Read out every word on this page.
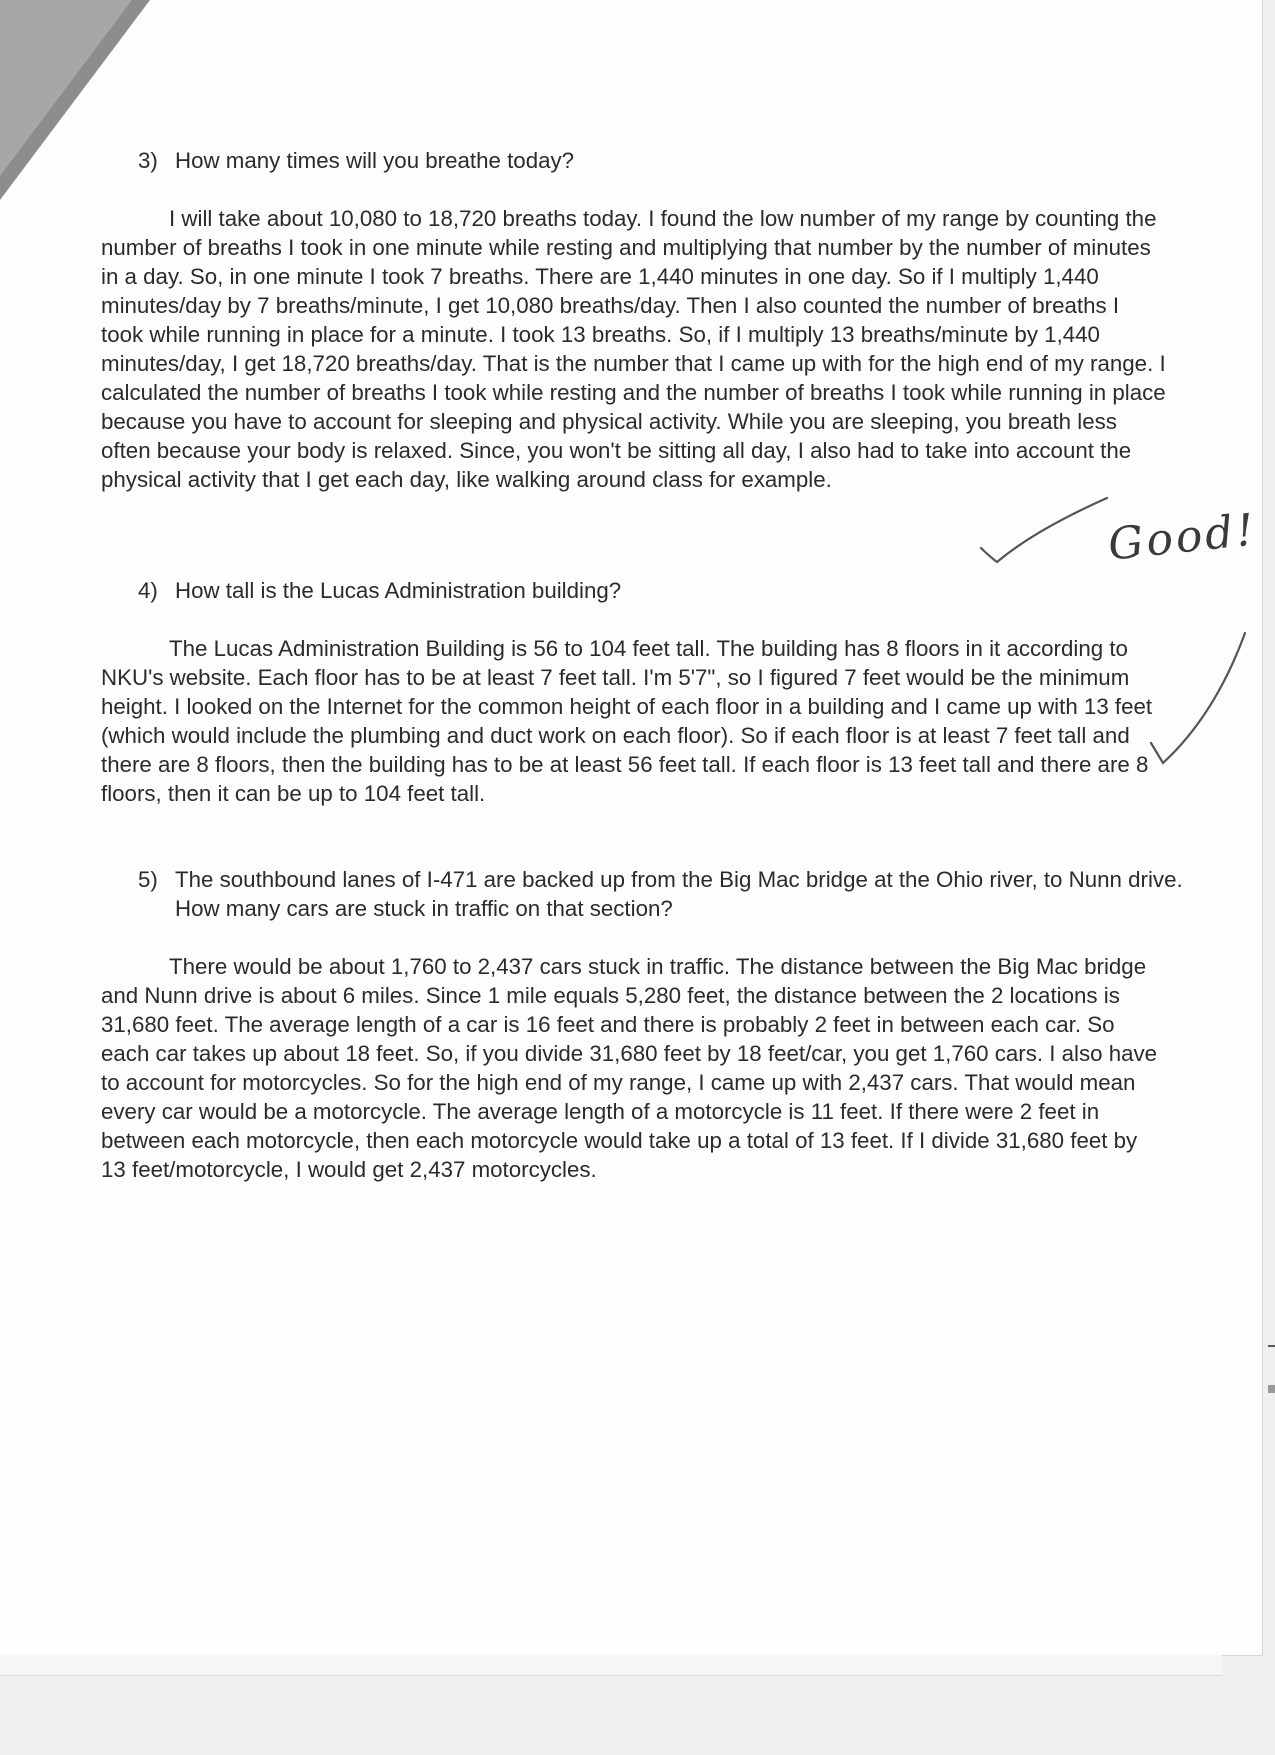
3) How many times will you breathe today?

I will take about 10,080 to 18,720 breaths today. I found the low number of my range by counting the number of breaths I took in one minute while resting and multiplying that number by the number of minutes in a day. So, in one minute I took 7 breaths. There are 1,440 minutes in one day. So if I multiply 1,440 minutes/day by 7 breaths/minute, I get 10,080 breaths/day. Then I also counted the number of breaths I took while running in place for a minute. I took 13 breaths. So, if I multiply 13 breaths/minute by 1,440 minutes/day, I get 18,720 breaths/day. That is the number that I came up with for the high end of my range. I calculated the number of breaths I took while resting and the number of breaths I took while running in place because you have to account for sleeping and physical activity. While you are sleeping, you breath less often because your body is relaxed. Since, you won't be sitting all day, I also had to take into account the physical activity that I get each day, like walking around class for example.

4) How tall is the Lucas Administration building?

The Lucas Administration Building is 56 to 104 feet tall. The building has 8 floors in it according to NKU's website. Each floor has to be at least 7 feet tall. I'm 5'7", so I figured 7 feet would be the minimum height. I looked on the Internet for the common height of each floor in a building and I came up with 13 feet (which would include the plumbing and duct work on each floor). So if each floor is at least 7 feet tall and there are 8 floors, then the building has to be at least 56 feet tall. If each floor is 13 feet tall and there are 8 floors, then it can be up to 104 feet tall.

5) The southbound lanes of I-471 are backed up from the Big Mac bridge at the Ohio river, to Nunn drive. How many cars are stuck in traffic on that section?

There would be about 1,760 to 2,437 cars stuck in traffic. The distance between the Big Mac bridge and Nunn drive is about 6 miles. Since 1 mile equals 5,280 feet, the distance between the 2 locations is 31,680 feet. The average length of a car is 16 feet and there is probably 2 feet in between each car. So each car takes up about 18 feet. So, if you divide 31,680 feet by 18 feet/car, you get 1,760 cars. I also have to account for motorcycles. So for the high end of my range, I came up with 2,437 cars. That would mean every car would be a motorcycle. The average length of a motorcycle is 11 feet. If there were 2 feet in between each motorcycle, then each motorcycle would take up a total of 13 feet. If I divide 31,680 feet by 13 feet/motorcycle, I would get 2,437 motorcycles.

Good!
